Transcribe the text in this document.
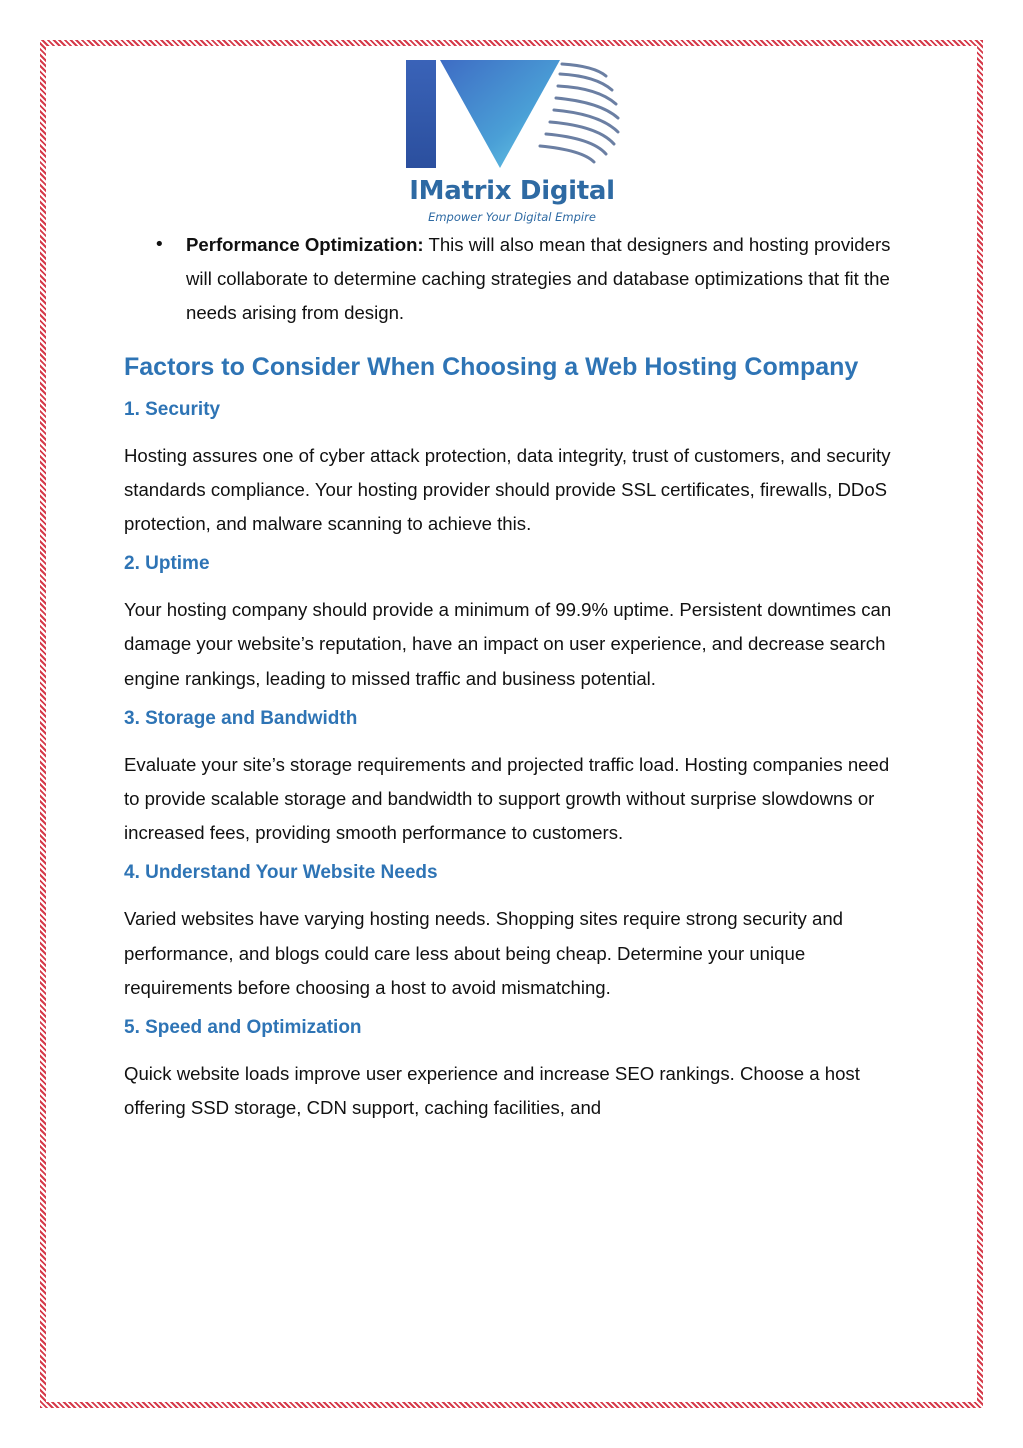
IMatrix Digital
Empower Your Digital Empire
• Performance Optimization: This will also mean that designers and hosting providers will collaborate to determine caching strategies and database optimizations that fit the needs arising from design.

Factors to Consider When Choosing a Web Hosting Company
1. Security

Hosting assures one of cyber attack protection, data integrity, trust of customers, and security standards compliance. Your hosting provider should provide SSL certificates, firewalls, DDoS protection, and malware scanning to achieve this.

2. Uptime

Your hosting company should provide a minimum of 99.9% uptime. Persistent downtimes can damage your website’s reputation, have an impact on user experience, and decrease search engine rankings, leading to missed traffic and business potential.

3. Storage and Bandwidth

Evaluate your site’s storage requirements and projected traffic load. Hosting companies need to provide scalable storage and bandwidth to support growth without surprise slowdowns or increased fees, providing smooth performance to customers.

4. Understand Your Website Needs

Varied websites have varying hosting needs. Shopping sites require strong security and performance, and blogs could care less about being cheap. Determine your unique requirements before choosing a host to avoid mismatching.

5. Speed and Optimization

Quick website loads improve user experience and increase SEO rankings. Choose a host offering SSD storage, CDN support, caching facilities, and
